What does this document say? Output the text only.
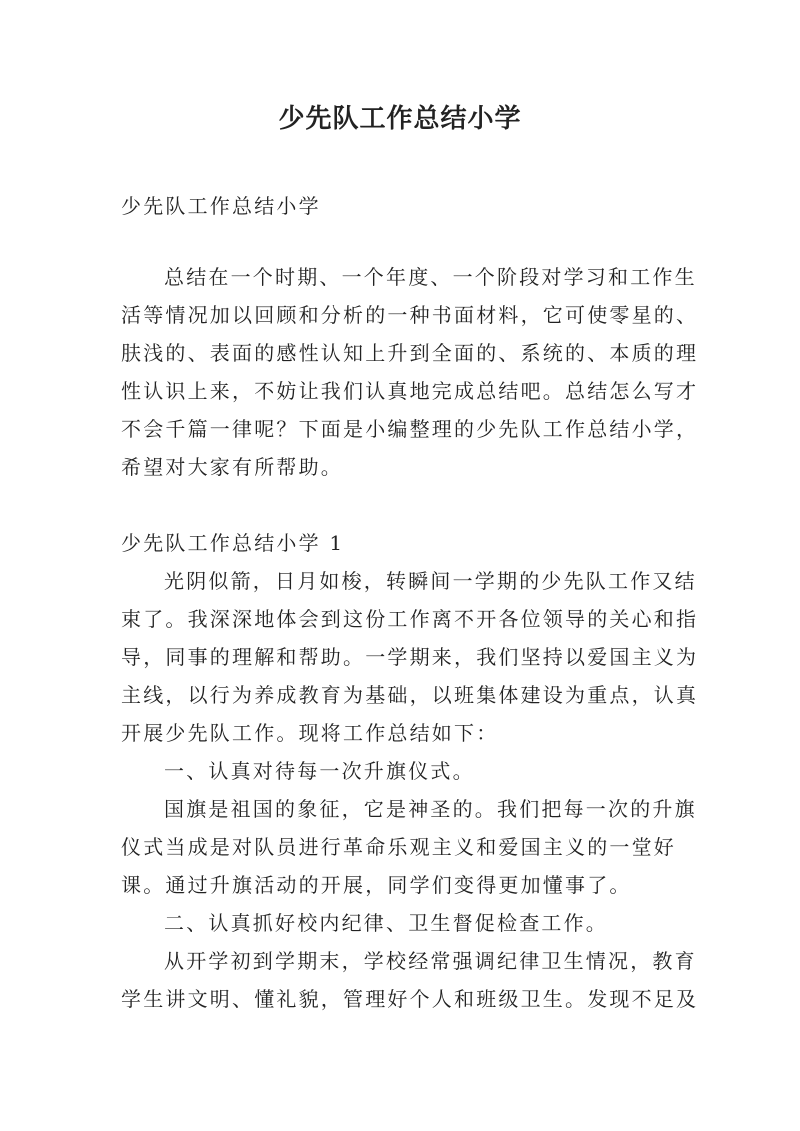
少先队工作总结小学

少先队工作总结小学

总结在一个时期、一个年度、一个阶段对学习和工作生

活等情况加以回顾和分析的一种书面材料，它可使零星的、

肤浅的、表面的感性认知上升到全面的、系统的、本质的理

性认识上来，不妨让我们认真地完成总结吧。总结怎么写才

不会千篇一律呢？下面是小编整理的少先队工作总结小学，

希望对大家有所帮助。

少先队工作总结小学 1

光阴似箭，日月如梭，转瞬间一学期的少先队工作又结

束了。我深深地体会到这份工作离不开各位领导的关心和指

导，同事的理解和帮助。一学期来，我们坚持以爱国主义为

主线，以行为养成教育为基础，以班集体建设为重点，认真

开展少先队工作。现将工作总结如下：

一、认真对待每一次升旗仪式。

国旗是祖国的象征，它是神圣的。我们把每一次的升旗

仪式当成是对队员进行革命乐观主义和爱国主义的一堂好

课。通过升旗活动的开展，同学们变得更加懂事了。

二、认真抓好校内纪律、卫生督促检查工作。

从开学初到学期末，学校经常强调纪律卫生情况，教育

学生讲文明、懂礼貌，管理好个人和班级卫生。发现不足及
